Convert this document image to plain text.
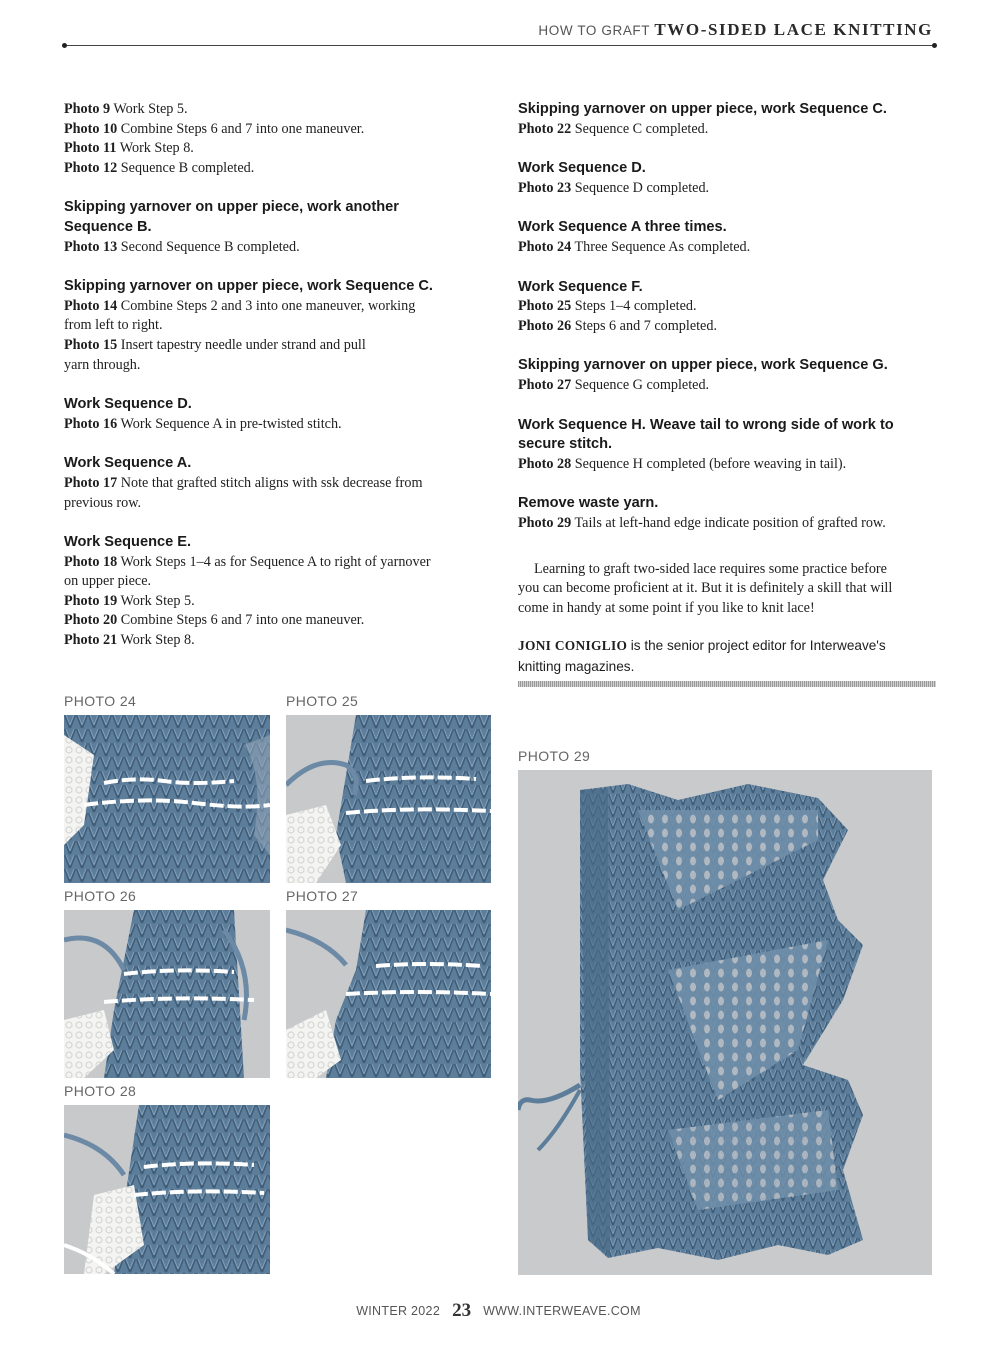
HOW TO GRAFT TWO-SIDED LACE KNITTING
Photo 9 Work Step 5.
Photo 10 Combine Steps 6 and 7 into one maneuver.
Photo 11 Work Step 8.
Photo 12 Sequence B completed.
Skipping yarnover on upper piece, work another
Sequence B.
Photo 13 Second Sequence B completed.
Skipping yarnover on upper piece, work Sequence C.
Photo 14 Combine Steps 2 and 3 into one maneuver, working
from left to right.
Photo 15 Insert tapestry needle under strand and pull
yarn through.
Work Sequence D.
Photo 16 Work Sequence A in pre-twisted stitch.
Work Sequence A.
Photo 17 Note that grafted stitch aligns with ssk decrease from
previous row.
Work Sequence E.
Photo 18 Work Steps 1–4 as for Sequence A to right of yarnover
on upper piece.
Photo 19 Work Step 5.
Photo 20 Combine Steps 6 and 7 into one maneuver.
Photo 21 Work Step 8.
Skipping yarnover on upper piece, work Sequence C.
Photo 22 Sequence C completed.
Work Sequence D.
Photo 23 Sequence D completed.
Work Sequence A three times.
Photo 24 Three Sequence As completed.
Work Sequence F.
Photo 25 Steps 1–4 completed.
Photo 26 Steps 6 and 7 completed.
Skipping yarnover on upper piece, work Sequence G.
Photo 27 Sequence G completed.
Work Sequence H. Weave tail to wrong side of work to
secure stitch.
Photo 28 Sequence H completed (before weaving in tail).
Remove waste yarn.
Photo 29 Tails at left-hand edge indicate position of grafted row.
Learning to graft two-sided lace requires some practice before
you can become proficient at it. But it is definitely a skill that will
come in handy at some point if you like to knit lace!
JONI CONIGLIO is the senior project editor for Interweave's
knitting magazines.
PHOTO 24	PHOTO 25
PHOTO 26	PHOTO 27
PHOTO 28
PHOTO 29
WINTER 2022 23 WWW.INTERWEAVE.COM
